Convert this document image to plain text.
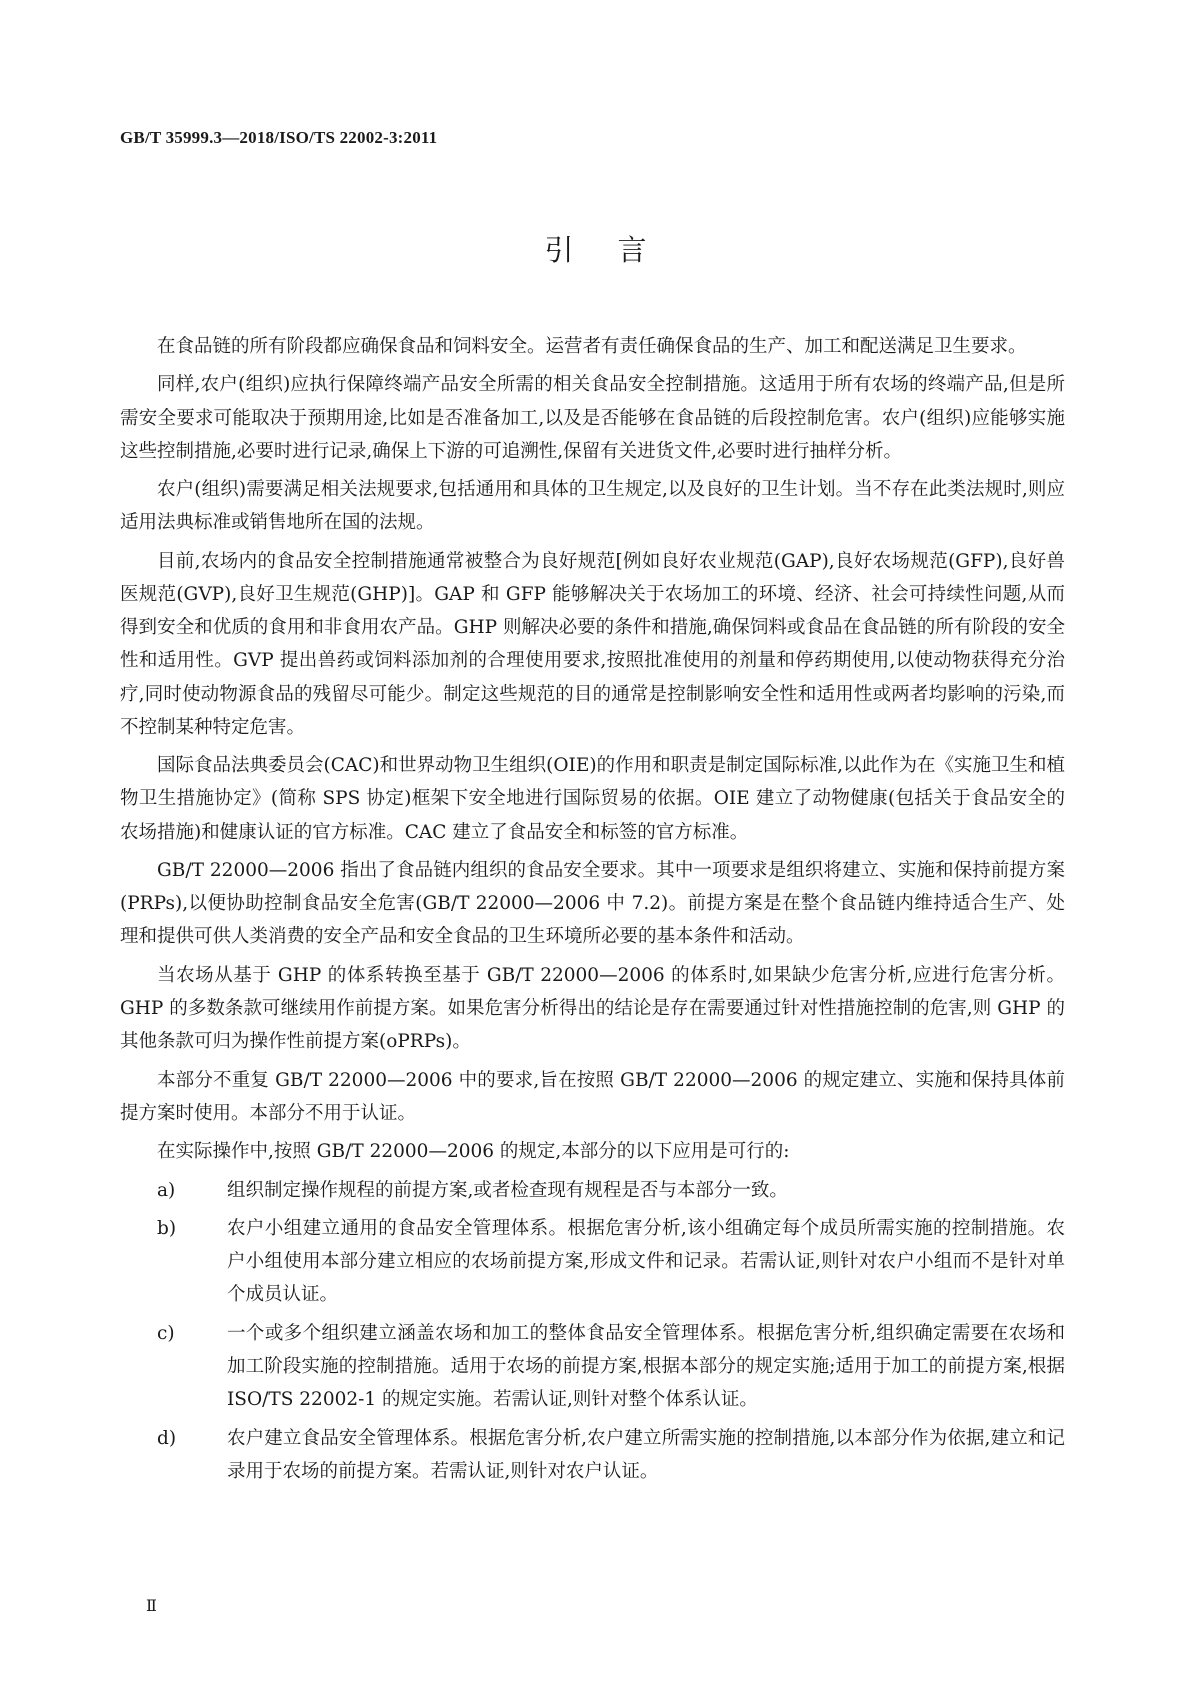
GB/T 35999.3—2018/ISO/TS 22002-3:2011
引言

在食品链的所有阶段都应确保食品和饲料安全。运营者有责任确保食品的生产、加工和配送满足卫生要求。

同样,农户(组织)应执行保障终端产品安全所需的相关食品安全控制措施。这适用于所有农场的终端产品,但是所需安全要求可能取决于预期用途,比如是否准备加工,以及是否能够在食品链的后段控制危害。农户(组织)应能够实施这些控制措施,必要时进行记录,确保上下游的可追溯性,保留有关进货文件,必要时进行抽样分析。

农户(组织)需要满足相关法规要求,包括通用和具体的卫生规定,以及良好的卫生计划。当不存在此类法规时,则应适用法典标准或销售地所在国的法规。

目前,农场内的食品安全控制措施通常被整合为良好规范[例如良好农业规范(GAP),良好农场规范(GFP),良好兽医规范(GVP),良好卫生规范(GHP)]。GAP 和 GFP 能够解决关于农场加工的环境、经济、社会可持续性问题,从而得到安全和优质的食用和非食用农产品。GHP 则解决必要的条件和措施,确保饲料或食品在食品链的所有阶段的安全性和适用性。GVP 提出兽药或饲料添加剂的合理使用要求,按照批准使用的剂量和停药期使用,以使动物获得充分治疗,同时使动物源食品的残留尽可能少。制定这些规范的目的通常是控制影响安全性和适用性或两者均影响的污染,而不控制某种特定危害。

国际食品法典委员会(CAC)和世界动物卫生组织(OIE)的作用和职责是制定国际标准,以此作为在《实施卫生和植物卫生措施协定》(简称 SPS 协定)框架下安全地进行国际贸易的依据。OIE 建立了动物健康(包括关于食品安全的农场措施)和健康认证的官方标准。CAC 建立了食品安全和标签的官方标准。

GB/T 22000—2006 指出了食品链内组织的食品安全要求。其中一项要求是组织将建立、实施和保持前提方案(PRPs),以便协助控制食品安全危害(GB/T 22000—2006 中 7.2)。前提方案是在整个食品链内维持适合生产、处理和提供可供人类消费的安全产品和安全食品的卫生环境所必要的基本条件和活动。

当农场从基于 GHP 的体系转换至基于 GB/T 22000—2006 的体系时,如果缺少危害分析,应进行危害分析。GHP 的多数条款可继续用作前提方案。如果危害分析得出的结论是存在需要通过针对性措施控制的危害,则 GHP 的其他条款可归为操作性前提方案(oPRPs)。

本部分不重复 GB/T 22000—2006 中的要求,旨在按照 GB/T 22000—2006 的规定建立、实施和保持具体前提方案时使用。本部分不用于认证。

在实际操作中,按照 GB/T 22000—2006 的规定,本部分的以下应用是可行的:

a)	组织制定操作规程的前提方案,或者检查现有规程是否与本部分一致。
b)	农户小组建立通用的食品安全管理体系。根据危害分析,该小组确定每个成员所需实施的控制措施。农户小组使用本部分建立相应的农场前提方案,形成文件和记录。若需认证,则针对农户小组而不是针对单个成员认证。
c)	一个或多个组织建立涵盖农场和加工的整体食品安全管理体系。根据危害分析,组织确定需要在农场和加工阶段实施的控制措施。适用于农场的前提方案,根据本部分的规定实施;适用于加工的前提方案,根据 ISO/TS 22002-1 的规定实施。若需认证,则针对整个体系认证。
d)	农户建立食品安全管理体系。根据危害分析,农户建立所需实施的控制措施,以本部分作为依据,建立和记录用于农场的前提方案。若需认证,则针对农户认证。
Ⅱ
